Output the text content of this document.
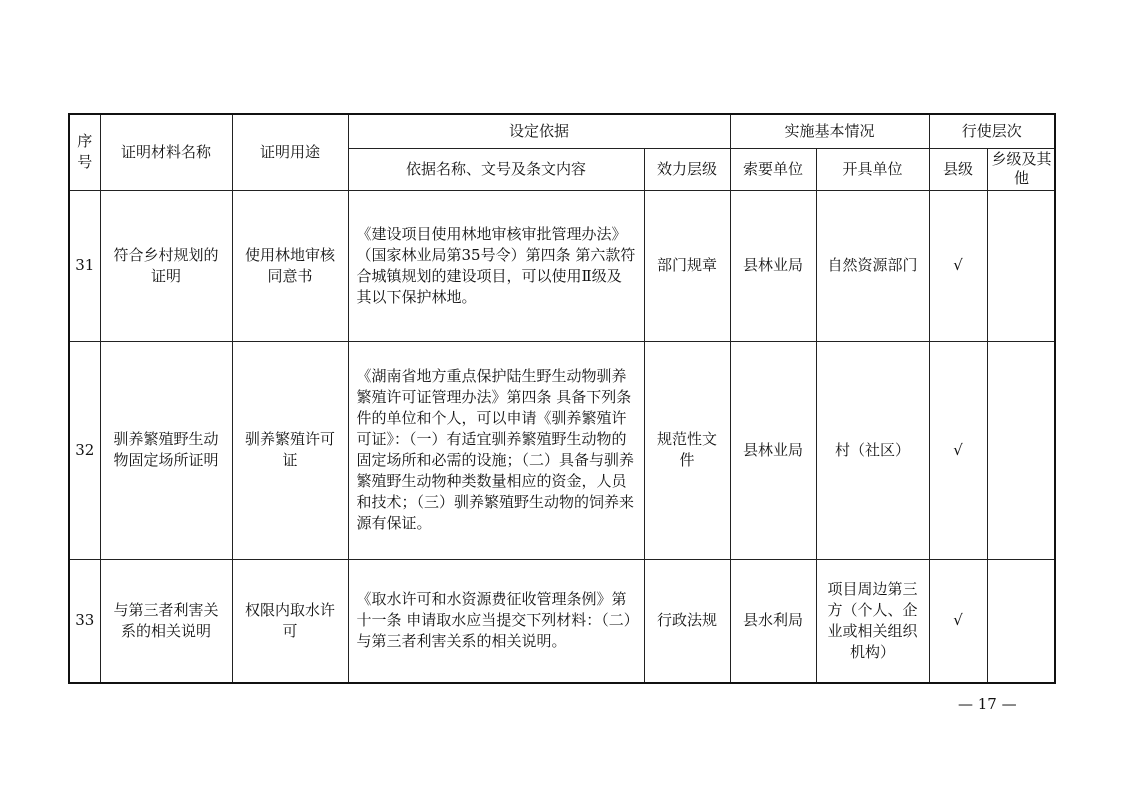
序号	证明材料名称	证明用途	设定依据		实施基本情况		行使层次	
			依据名称、文号及条文内容	效力层级	索要单位	开具单位	县级	乡级及其他

31	符合乡村规划的证明	使用林地审核同意书	《建设项目使用林地审核审批管理办法》（国家林业局第35号令）第四条 第六款符合城镇规划的建设项目，可以使用Ⅱ级及其以下保护林地。	部门规章	县林业局	自然资源部门	√	
32	驯养繁殖野生动物固定场所证明	驯养繁殖许可证	《湖南省地方重点保护陆生野生动物驯养繁殖许可证管理办法》第四条 具备下列条件的单位和个人，可以申请《驯养繁殖许可证》：（一）有适宜驯养繁殖野生动物的固定场所和必需的设施；（二）具备与驯养繁殖野生动物种类数量相应的资金，人员和技术；（三）驯养繁殖野生动物的饲养来源有保证。	规范性文件	县林业局	村（社区）	√	
33	与第三者利害关系的相关说明	权限内取水许可	《取水许可和水资源费征收管理条例》第十一条 申请取水应当提交下列材料：（二）与第三者利害关系的相关说明。	行政法规	县水利局	项目周边第三方（个人、企业或相关组织机构）	√	
— 17 —
